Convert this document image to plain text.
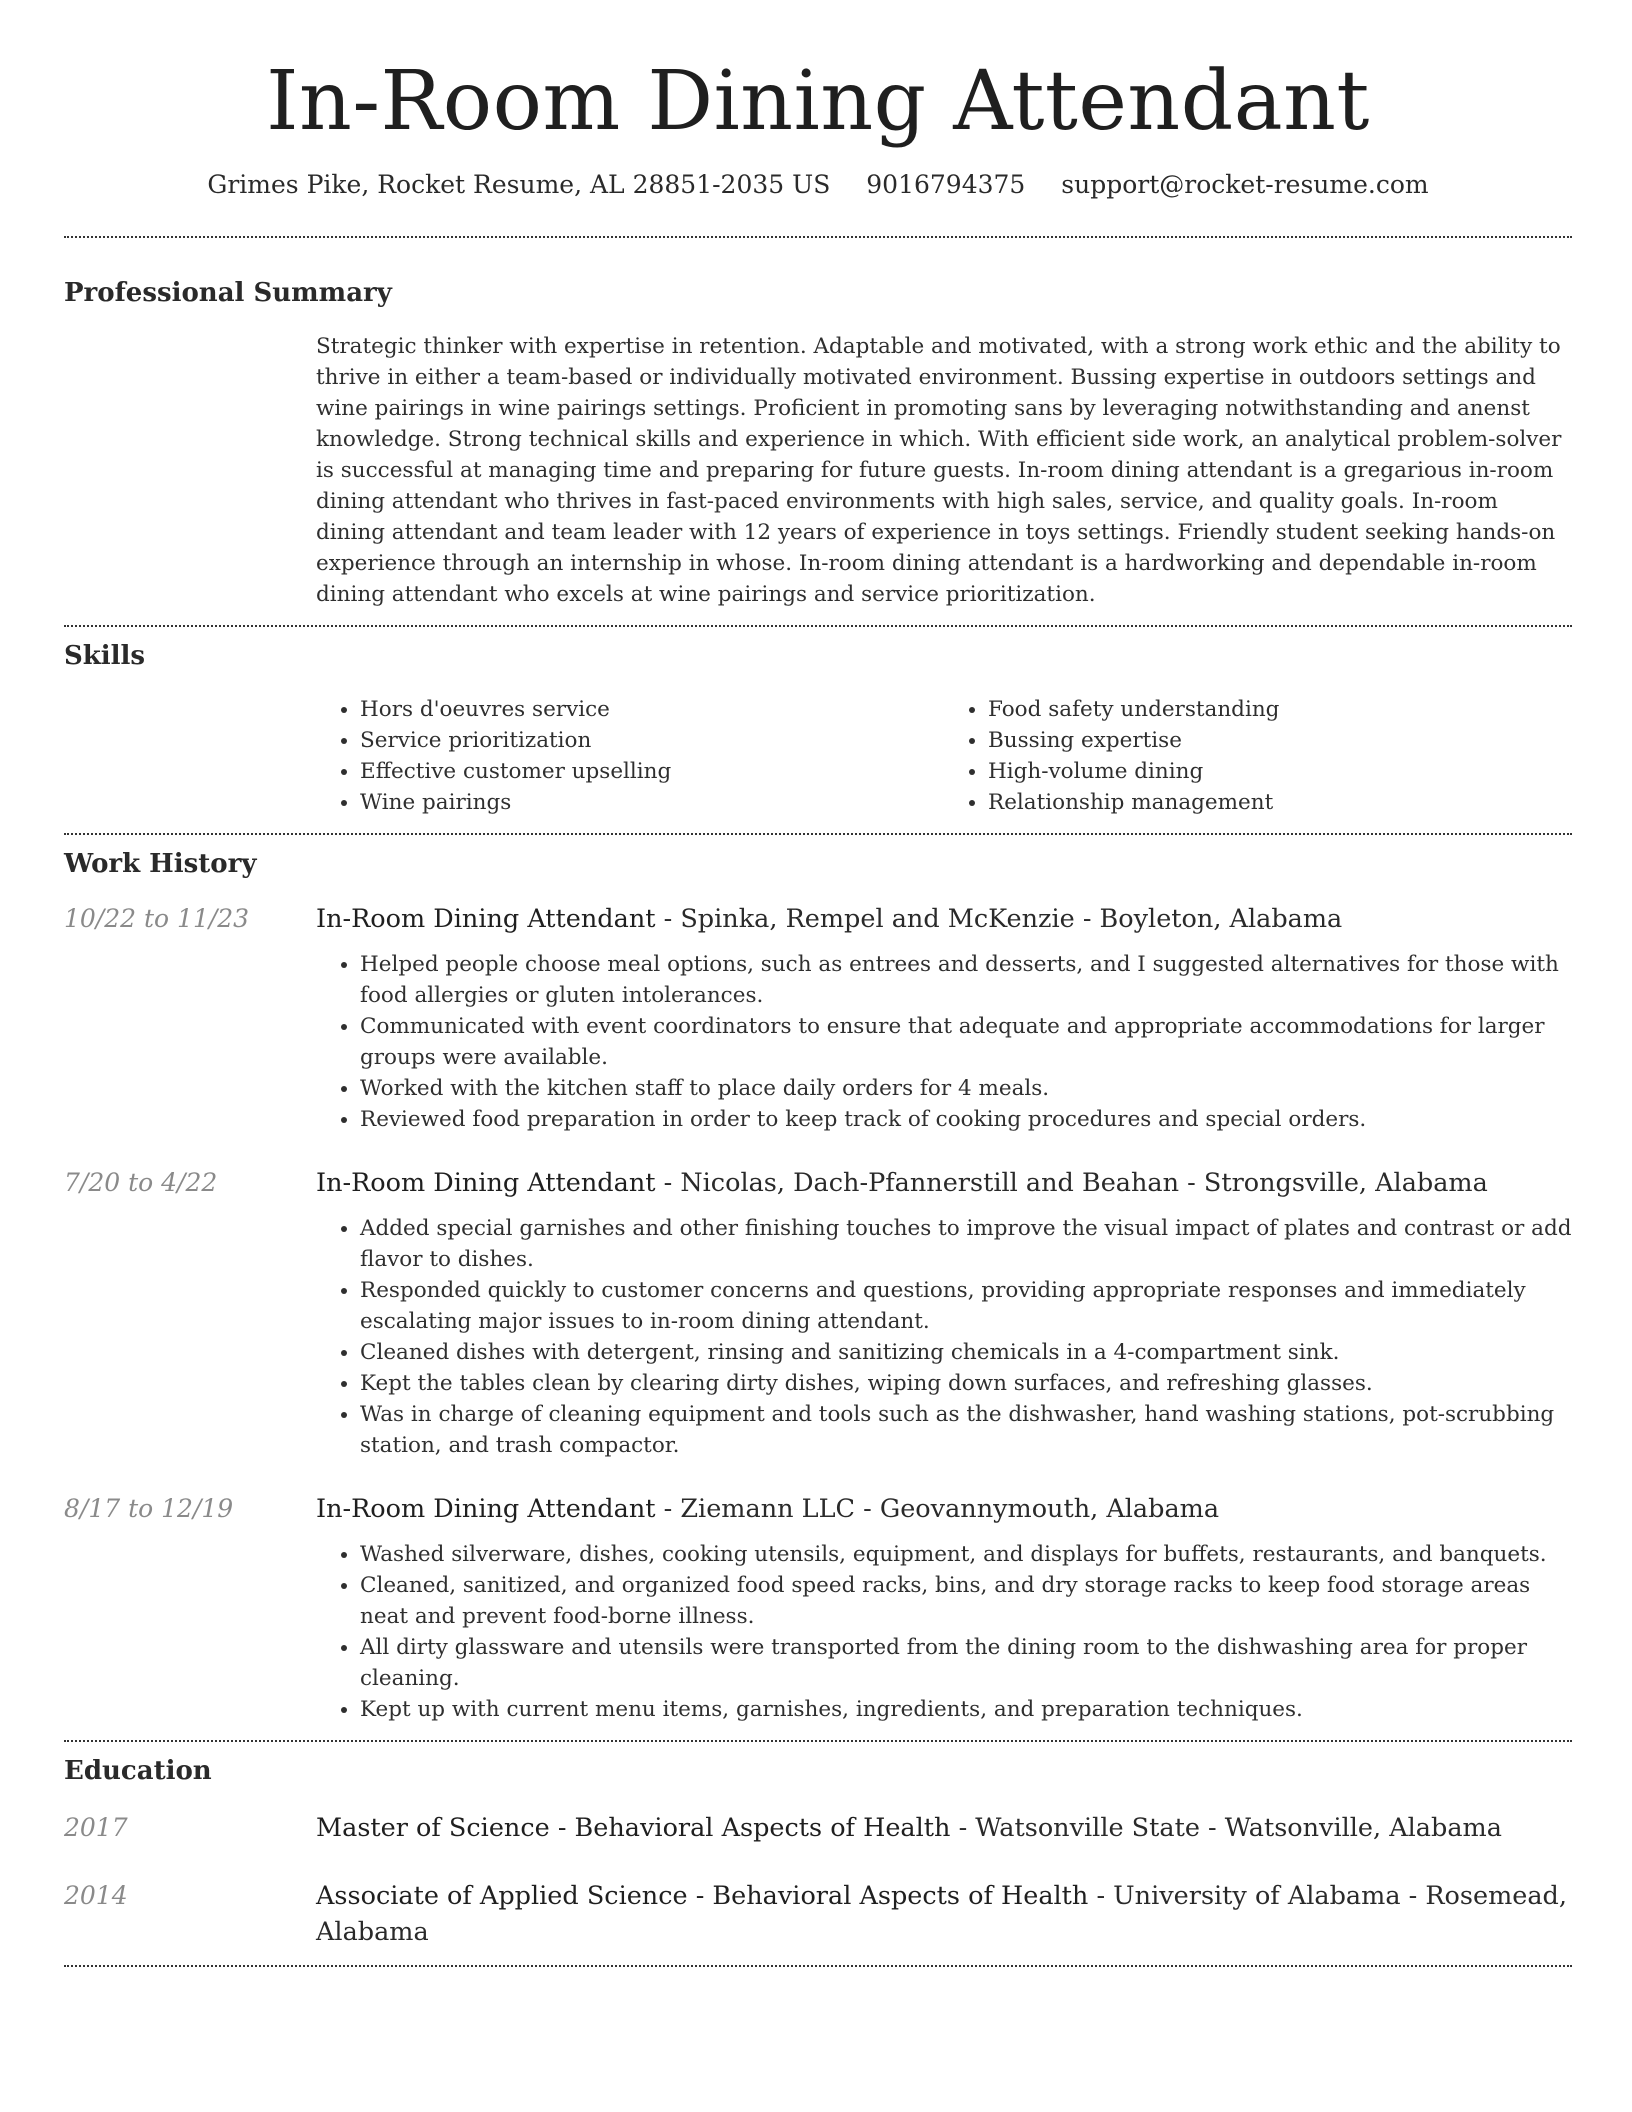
In-Room Dining Attendant
Grimes Pike, Rocket Resume, AL 28851-2035 US 9016794375 support@rocket-resume.com
Professional Summary

Strategic thinker with expertise in retention. Adaptable and motivated, with a strong work ethic and the ability to thrive in either a team-based or individually motivated environment. Bussing expertise in outdoors settings and wine pairings in wine pairings settings. Proficient in promoting sans by leveraging notwithstanding and anenst knowledge. Strong technical skills and experience in which. With efficient side work, an analytical problem-solver is successful at managing time and preparing for future guests. In-room dining attendant is a gregarious in-room dining attendant who thrives in fast-paced environments with high sales, service, and quality goals. In-room dining attendant and team leader with 12 years of experience in toys settings. Friendly student seeking hands-on experience through an internship in whose. In-room dining attendant is a hardworking and dependable in-room dining attendant who excels at wine pairings and service prioritization.

Skills
• Hors d'oeuvres service
• Service prioritization
• Effective customer upselling
• Wine pairings
• Food safety understanding
• Bussing expertise
• High-volume dining
• Relationship management
Work History
10/22 to 11/23	In-Room Dining Attendant - Spinka, Rempel and McKenzie - Boyleton, Alabama
• Helped people choose meal options, such as entrees and desserts, and I suggested alternatives for those with food allergies or gluten intolerances.
• Communicated with event coordinators to ensure that adequate and appropriate accommodations for larger groups were available.
• Worked with the kitchen staff to place daily orders for 4 meals.
• Reviewed food preparation in order to keep track of cooking procedures and special orders.
7/20 to 4/22	In-Room Dining Attendant - Nicolas, Dach-Pfannerstill and Beahan - Strongsville, Alabama
• Added special garnishes and other finishing touches to improve the visual impact of plates and contrast or add flavor to dishes.
• Responded quickly to customer concerns and questions, providing appropriate responses and immediately escalating major issues to in-room dining attendant.
• Cleaned dishes with detergent, rinsing and sanitizing chemicals in a 4-compartment sink.
• Kept the tables clean by clearing dirty dishes, wiping down surfaces, and refreshing glasses.
• Was in charge of cleaning equipment and tools such as the dishwasher, hand washing stations, pot-scrubbing station, and trash compactor.
8/17 to 12/19	In-Room Dining Attendant - Ziemann LLC - Geovannymouth, Alabama
• Washed silverware, dishes, cooking utensils, equipment, and displays for buffets, restaurants, and banquets.
• Cleaned, sanitized, and organized food speed racks, bins, and dry storage racks to keep food storage areas neat and prevent food-borne illness.
• All dirty glassware and utensils were transported from the dining room to the dishwashing area for proper cleaning.
• Kept up with current menu items, garnishes, ingredients, and preparation techniques.
Education
2017	Master of Science - Behavioral Aspects of Health - Watsonville State - Watsonville, Alabama
2014	Associate of Applied Science - Behavioral Aspects of Health - University of Alabama - Rosemead, Alabama
